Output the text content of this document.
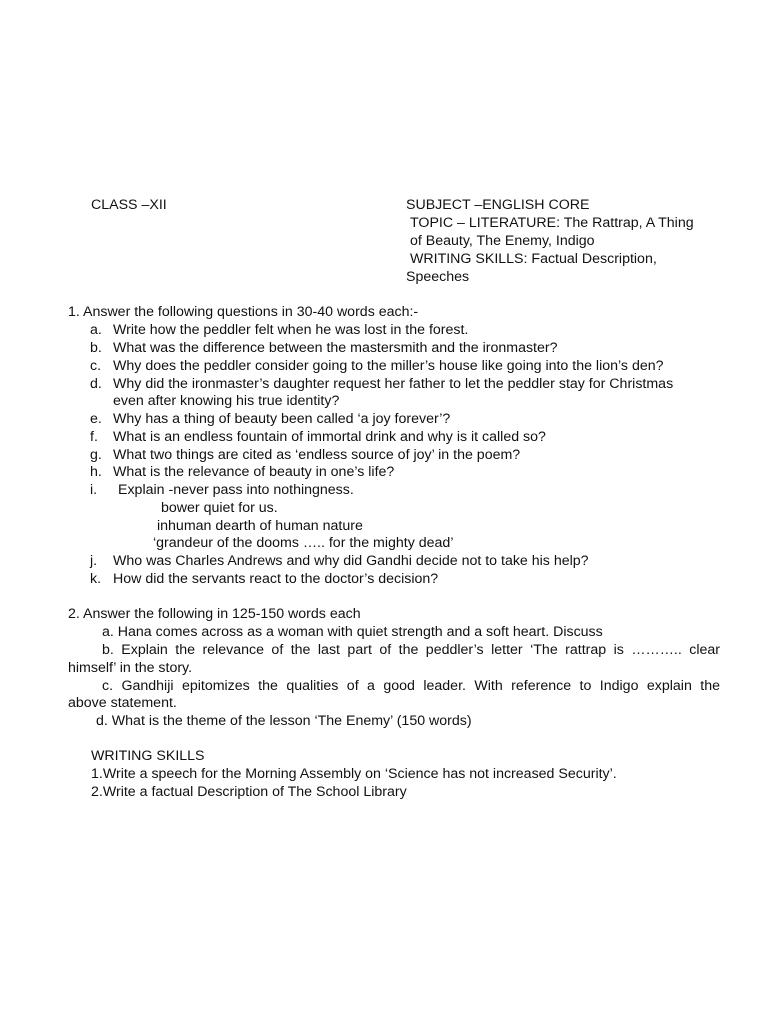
CLASS –XII	SUBJECT –ENGLISH CORE
TOPIC – LITERATURE: The Rattrap, A Thing
of Beauty, The Enemy, Indigo
WRITING SKILLS: Factual Description,
Speeches
1. Answer the following questions in 30-40 words each:-
a. Write how the peddler felt when he was lost in the forest.
b. What was the difference between the mastersmith and the ironmaster?
c. Why does the peddler consider going to the miller’s house like going into the lion’s den?
d. Why did the ironmaster’s daughter request her father to let the peddler stay for Christmas
even after knowing his true identity?
e. Why has a thing of beauty been called ‘a joy forever’?
f. What is an endless fountain of immortal drink and why is it called so?
g. What two things are cited as ‘endless source of joy’ in the poem?
h. What is the relevance of beauty in one’s life?
i. Explain -never pass into nothingness.
bower quiet for us.
inhuman dearth of human nature
‘grandeur of the dooms ….. for the mighty dead’
j. Who was Charles Andrews and why did Gandhi decide not to take his help?
k. How did the servants react to the doctor’s decision?
2. Answer the following in 125-150 words each
a. Hana comes across as a woman with quiet strength and a soft heart. Discuss
b. Explain the relevance of the last part of the peddler’s letter ‘The rattrap is ……….. clear
himself’ in the story.
c. Gandhiji epitomizes the qualities of a good leader. With reference to Indigo explain the
above statement.
d. What is the theme of the lesson ‘The Enemy’ (150 words)
WRITING SKILLS
1.Write a speech for the Morning Assembly on ‘Science has not increased Security’.
2.Write a factual Description of The School Library
